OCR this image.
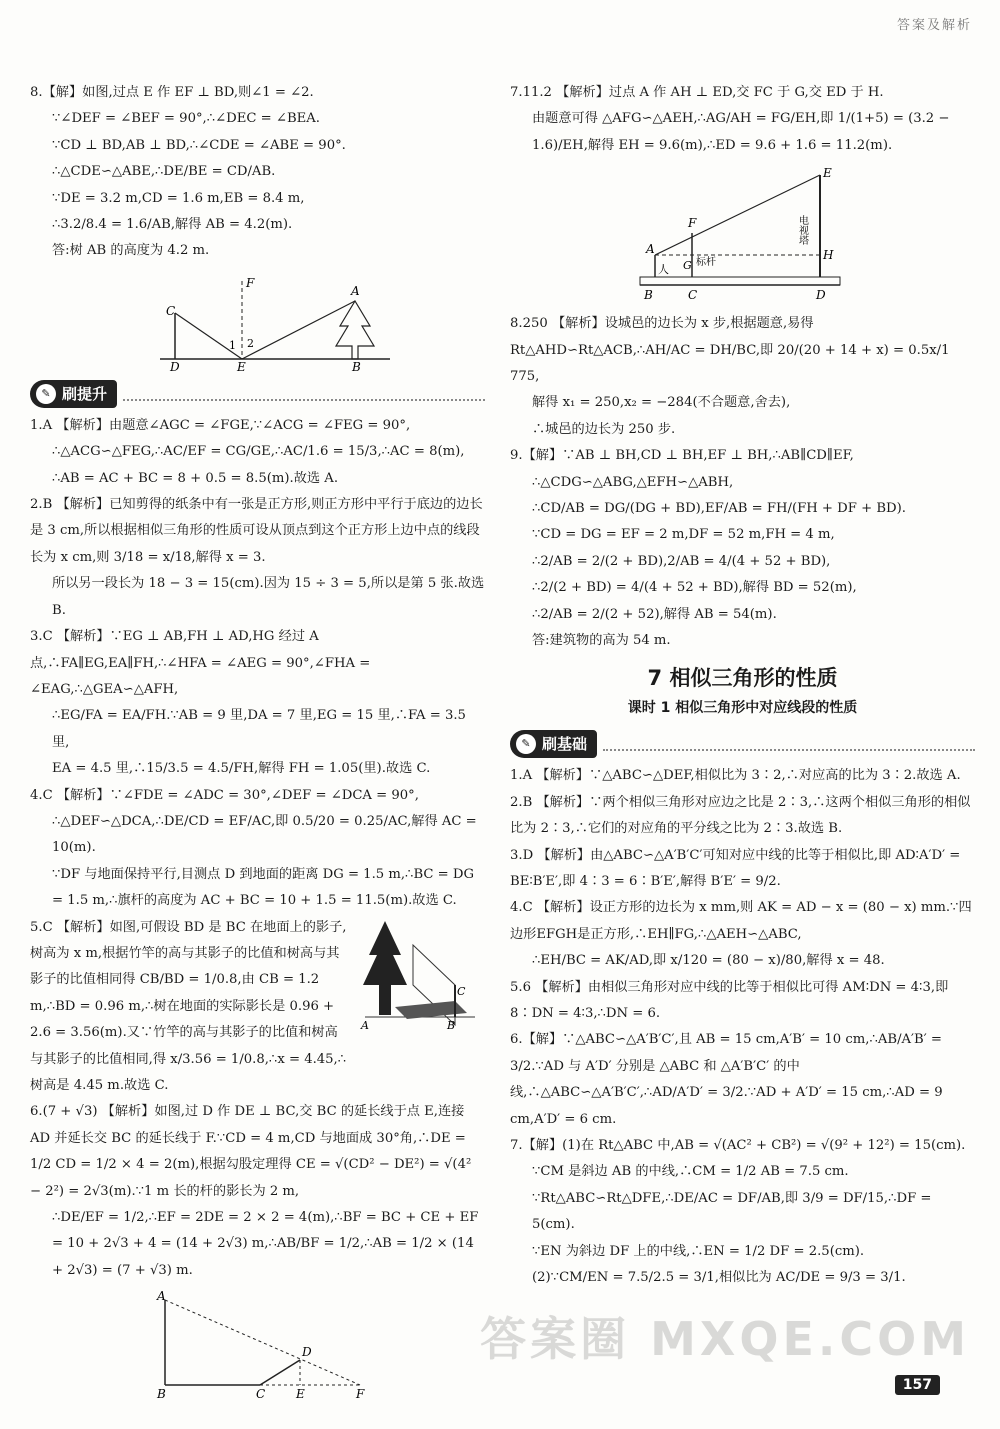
答案及解析

8.【解】如图,过点 E 作 EF ⊥ BD,则∠1 = ∠2.

∵∠DEF = ∠BEF = 90°,∴∠DEC = ∠BEA.

∵CD ⊥ BD,AB ⊥ BD,∴∠CDE = ∠ABE = 90°.

∴△CDE∽△ABE,∴DE/BE = CD/AB.

∵DE = 3.2 m,CD = 1.6 m,EB = 8.4 m,

∴3.2/8.4 = 1.6/AB,解得 AB = 4.2(m).

答:树 AB 的高度为 4.2 m.

C
D	E	B
A
F
1 2
✎ 刷提升

1.A 【解析】由题意∠AGC = ∠FGE,∵∠ACG = ∠FEG = 90°,

∴△ACG∽△FEG,∴AC/EF = CG/GE,∴AC/1.6 = 15/3,∴AC = 8(m),

∴AB = AC + BC = 8 + 0.5 = 8.5(m).故选 A.

2.B 【解析】已知剪得的纸条中有一张是正方形,则正方形中平行于底边的边长是 3 cm,所以根据相似三角形的性质可设从顶点到这个正方形上边中点的线段长为 x cm,则 3/18 = x/18,解得 x = 3.

所以另一段长为 18 − 3 = 15(cm).因为 15 ÷ 3 = 5,所以是第 5 张.故选 B.

3.C 【解析】∵EG ⊥ AB,FH ⊥ AD,HG 经过 A 点,∴FA∥EG,EA∥FH,∴∠HFA = ∠AEG = 90°,∠FHA = ∠EAG,∴△GEA∽△AFH,

∴EG/FA = EA/FH.∵AB = 9 里,DA = 7 里,EG = 15 里,∴FA = 3.5 里,

EA = 4.5 里,∴15/3.5 = 4.5/FH,解得 FH = 1.05(里).故选 C.

4.C 【解析】∵∠FDE = ∠ADC = 30°,∠DEF = ∠DCA = 90°,

∴△DEF∽△DCA,∴DE/CD = EF/AC,即 0.5/20 = 0.25/AC,解得 AC = 10(m).

∵DF 与地面保持平行,目测点 D 到地面的距离 DG = 1.5 m,∴BC = DG = 1.5 m,∴旗杆的高度为 AC + BC = 10 + 1.5 = 11.5(m).故选 C.

5.C 【解析】如图,可假设 BD 是 BC 在地面上的影子,树高为 x m,根据竹竿的高与其影子的比值和树高与其影子的比值相同得 CB/BD = 1/0.8,由 CB = 1.2 m,∴BD = 0.96 m,∴树在地面的实际影长是 0.96 + 2.6 = 3.56(m).又∵竹竿的高与其影子的比值和树高与其影子的比值相同,得 x/3.56 = 1/0.8,∴x = 4.45,∴树高是 4.45 m.故选 C.

C
A	B

6.(7 + √3) 【解析】如图,过 D 作 DE ⊥ BC,交 BC 的延长线于点 E,连接 AD 并延长交 BC 的延长线于 F.∵CD = 4 m,CD 与地面成 30°角,∴DE = 1/2 CD = 1/2 × 4 = 2(m),根据勾股定理得 CE = √(CD² − DE²) = √(4² − 2²) = 2√3(m).∵1 m 长的杆的影长为 2 m,

∴DE/EF = 1/2,∴EF = 2DE = 2 × 2 = 4(m),∴BF = BC + CE + EF = 10 + 2√3 + 4 = (14 + 2√3) m,∴AB/BF = 1/2,∴AB = 1/2 × (14 + 2√3) = (7 + √3) m.

A
B	C	E	F
D

7.11.2 【解析】过点 A 作 AH ⊥ ED,交 FC 于 G,交 ED 于 H.

由题意可得 △AFG∽△AEH,∴AG/AH = FG/EH,即 1/(1+5) = (3.2 − 1.6)/EH,解得 EH = 9.6(m),∴ED = 9.6 + 1.6 = 11.2(m).

A
F
E
G
H
B	C	D
人
标杆
电视塔

8.250 【解析】设城邑的边长为 x 步,根据题意,易得 Rt△AHD∽Rt△ACB,∴AH/AC = DH/BC,即 20/(20 + 14 + x) = 0.5x/1 775,

解得 x₁ = 250,x₂ = −284(不合题意,舍去),

∴城邑的边长为 250 步.

9.【解】∵AB ⊥ BH,CD ⊥ BH,EF ⊥ BH,∴AB∥CD∥EF,

∴△CDG∽△ABG,△EFH∽△ABH,

∴CD/AB = DG/(DG + BD),EF/AB = FH/(FH + DF + BD).

∵CD = DG = EF = 2 m,DF = 52 m,FH = 4 m,

∴2/AB = 2/(2 + BD),2/AB = 4/(4 + 52 + BD),

∴2/(2 + BD) = 4/(4 + 52 + BD),解得 BD = 52(m),

∴2/AB = 2/(2 + 52),解得 AB = 54(m).

答:建筑物的高为 54 m.

7 相似三角形的性质
课时 1 相似三角形中对应线段的性质
✎ 刷基础

1.A 【解析】∵△ABC∽△DEF,相似比为 3∶2,∴对应高的比为 3∶2.故选 A.

2.B 【解析】∵两个相似三角形对应边之比是 2∶3,∴这两个相似三角形的相似比为 2∶3,∴它们的对应角的平分线之比为 2∶3.故选 B.

3.D 【解析】由△ABC∽△A′B′C′可知对应中线的比等于相似比,即 AD∶A′D′ = BE∶B′E′,即 4∶3 = 6∶B′E′,解得 B′E′ = 9/2.

4.C 【解析】设正方形的边长为 x mm,则 AK = AD − x = (80 − x) mm.∵四边形EFGH是正方形,∴EH∥FG,∴△AEH∽△ABC,

∴EH/BC = AK/AD,即 x/120 = (80 − x)/80,解得 x = 48.

5.6 【解析】由相似三角形对应中线的比等于相似比可得 AM∶DN = 4∶3,即 8∶DN = 4∶3,∴DN = 6.

6.【解】∵△ABC∽△A′B′C′,且 AB = 15 cm,A′B′ = 10 cm,∴AB/A′B′ = 3/2.∵AD 与 A′D′ 分别是 △ABC 和 △A′B′C′ 的中线,∴△ABC∽△A′B′C′,∴AD/A′D′ = 3/2.∵AD + A′D′ = 15 cm,∴AD = 9 cm,A′D′ = 6 cm.

7.【解】(1)在 Rt△ABC 中,AB = √(AC² + CB²) = √(9² + 12²) = 15(cm).

∵CM 是斜边 AB 的中线,∴CM = 1/2 AB = 7.5 cm.

∵Rt△ABC∽Rt△DFE,∴DE/AC = DF/AB,即 3/9 = DF/15,∴DF = 5(cm).

∵EN 为斜边 DF 上的中线,∴EN = 1/2 DF = 2.5(cm).

(2)∵CM/EN = 7.5/2.5 = 3/1,相似比为 AC/DE = 9/3 = 3/1.

答案圈 MXQE.COM
157
